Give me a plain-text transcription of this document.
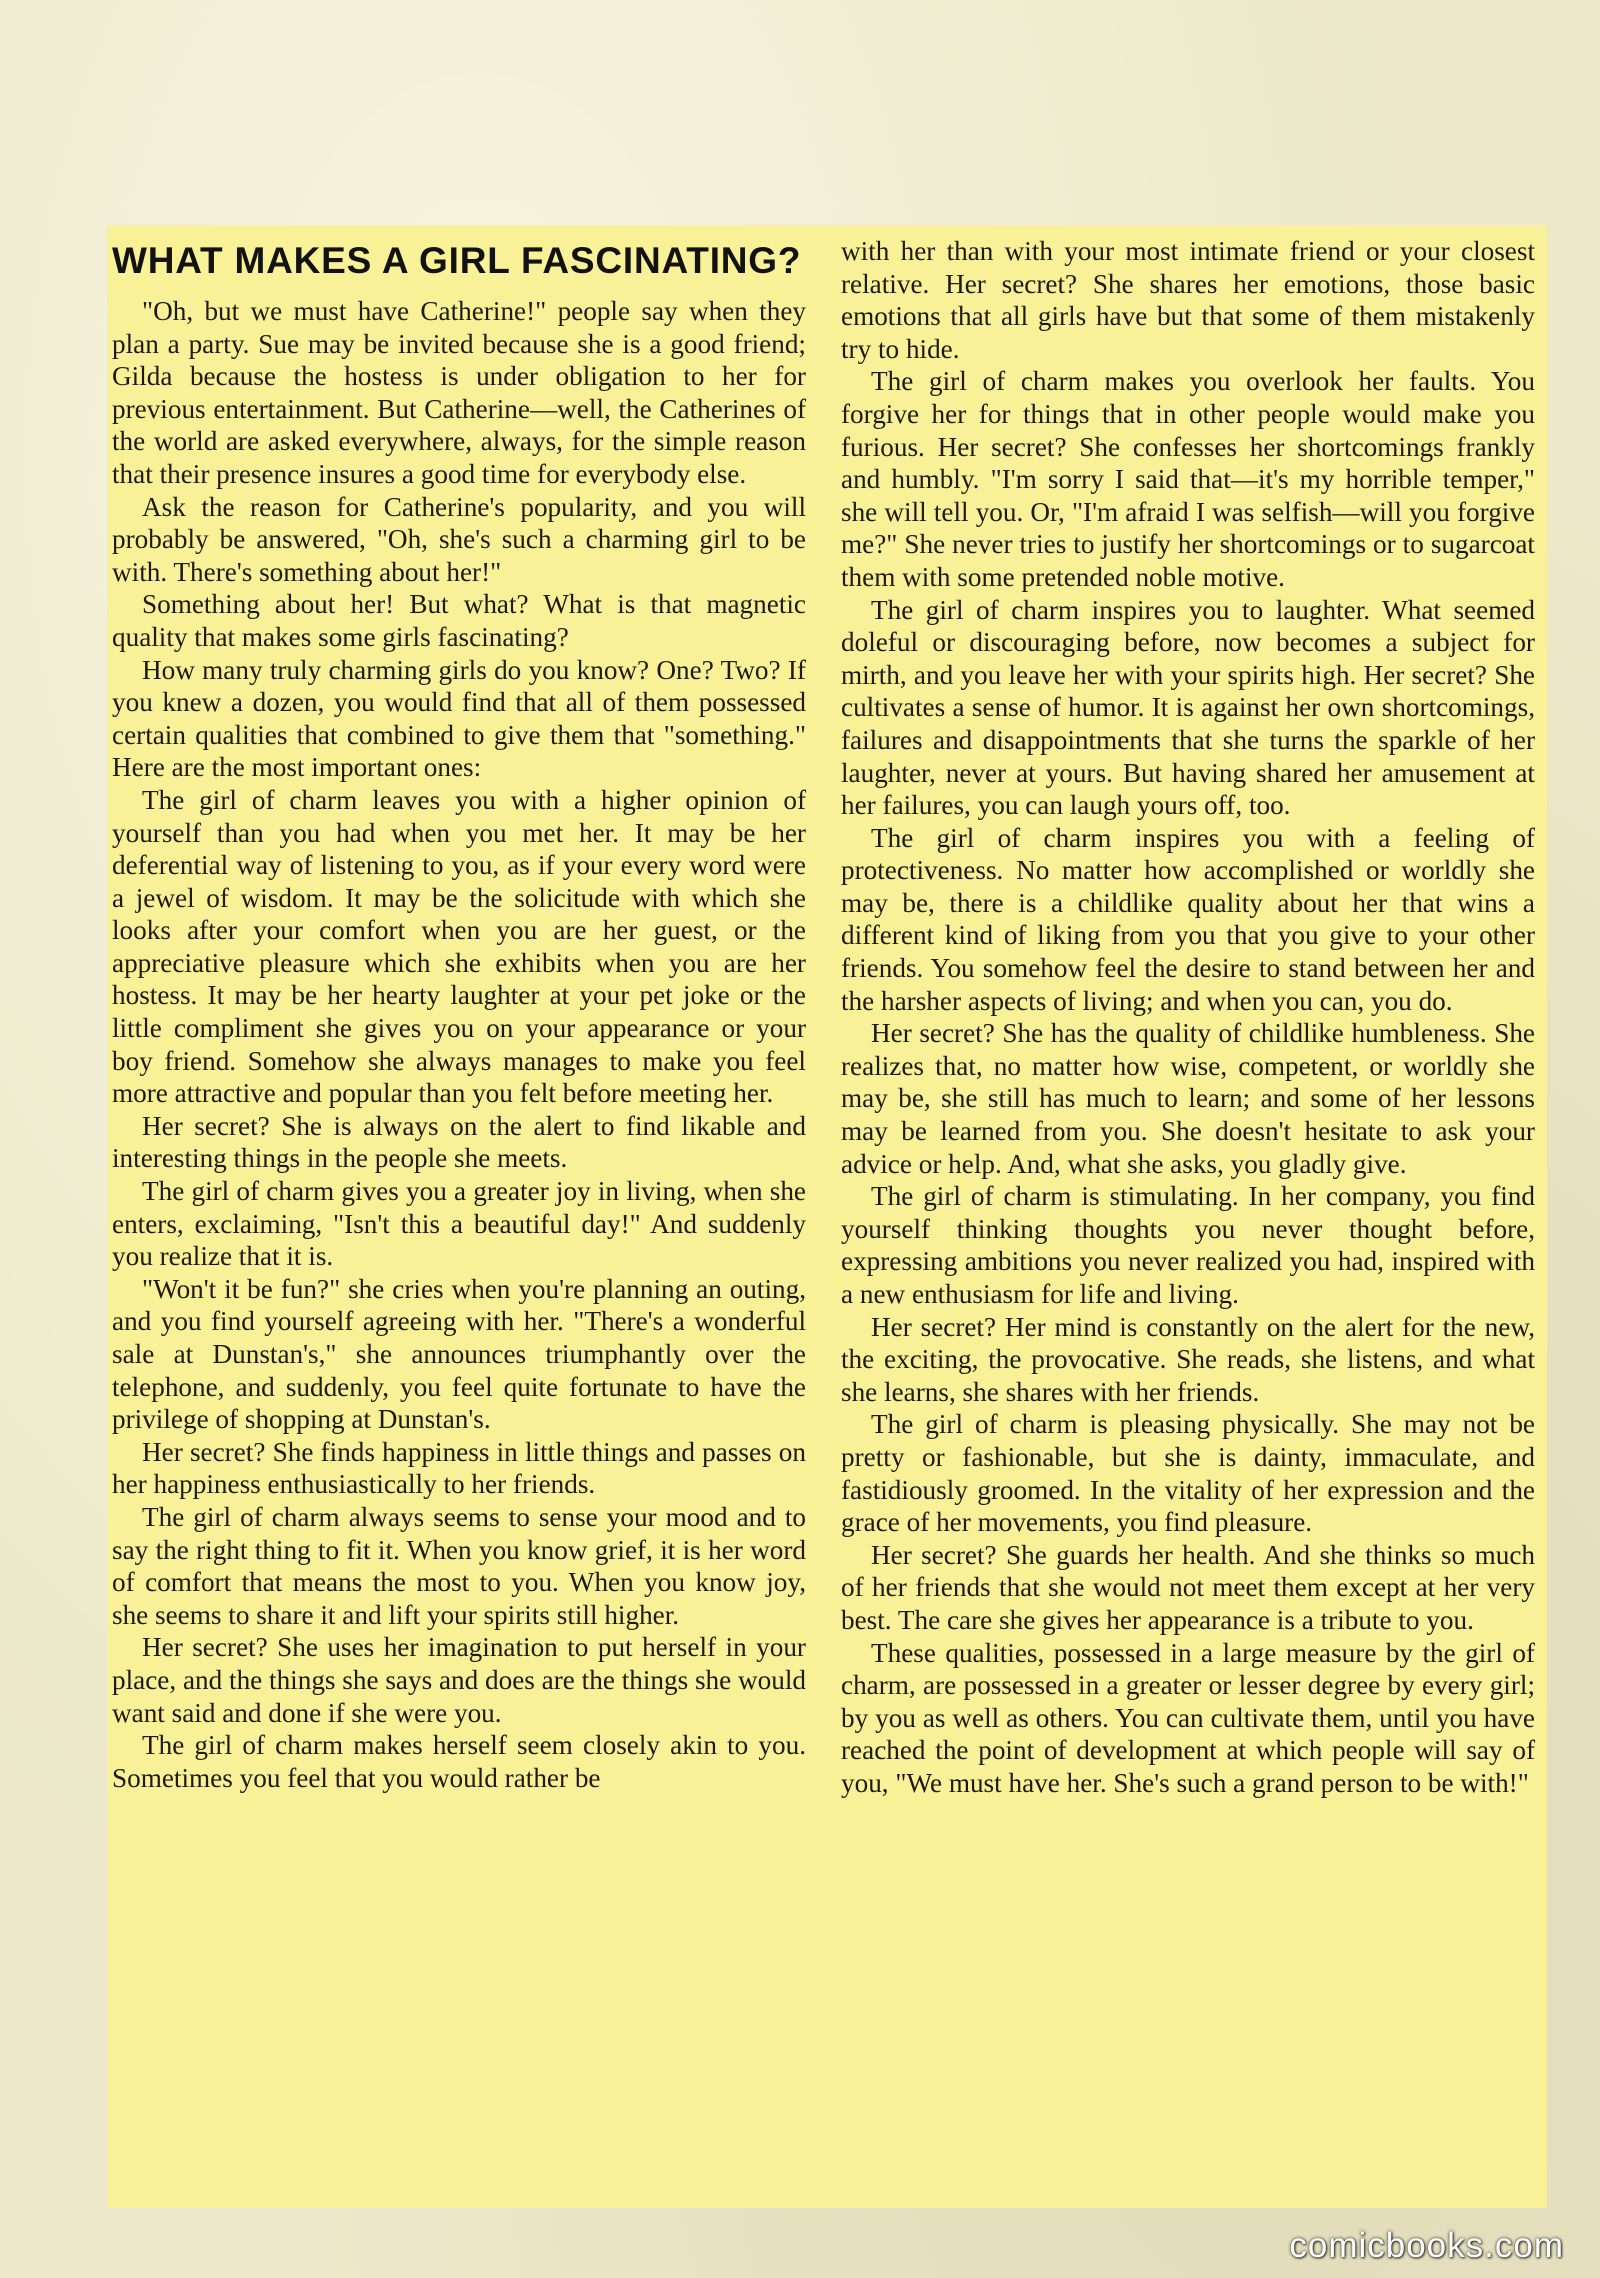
WHAT MAKES A GIRL FASCINATING?

"Oh, but we must have Catherine!" people say when they plan a party. Sue may be invited because she is a good friend; Gilda because the hostess is under obligation to her for previous entertainment. But Catherine—well, the Catherines of the world are asked everywhere, always, for the simple reason that their presence insures a good time for everybody else.

Ask the reason for Catherine's popularity, and you will probably be answered, "Oh, she's such a charming girl to be with. There's something about her!"

Something about her! But what? What is that magnetic quality that makes some girls fascinating?

How many truly charming girls do you know? One? Two? If you knew a dozen, you would find that all of them possessed certain qualities that combined to give them that "something." Here are the most important ones:

The girl of charm leaves you with a higher opinion of yourself than you had when you met her. It may be her deferential way of listening to you, as if your every word were a jewel of wisdom. It may be the solicitude with which she looks after your comfort when you are her guest, or the appreciative pleasure which she exhibits when you are her hostess. It may be her hearty laughter at your pet joke or the little compliment she gives you on your appearance or your boy friend. Somehow she always manages to make you feel more attractive and popular than you felt before meeting her.

Her secret? She is always on the alert to find likable and interesting things in the people she meets.

The girl of charm gives you a greater joy in living, when she enters, exclaiming, "Isn't this a beautiful day!" And suddenly you realize that it is.

"Won't it be fun?" she cries when you're planning an outing, and you find yourself agreeing with her. "There's a wonderful sale at Dunstan's," she announces triumphantly over the telephone, and suddenly, you feel quite fortunate to have the privilege of shopping at Dunstan's.

Her secret? She finds happiness in little things and passes on her happiness enthusiastically to her friends.

The girl of charm always seems to sense your mood and to say the right thing to fit it. When you know grief, it is her word of comfort that means the most to you. When you know joy, she seems to share it and lift your spirits still higher.

Her secret? She uses her imagination to put herself in your place, and the things she says and does are the things she would want said and done if she were you.

The girl of charm makes herself seem closely akin to you. Sometimes you feel that you would rather be

with her than with your most intimate friend or your closest relative. Her secret? She shares her emotions, those basic emotions that all girls have but that some of them mistakenly try to hide.

The girl of charm makes you overlook her faults. You forgive her for things that in other people would make you furious. Her secret? She confesses her shortcomings frankly and humbly. "I'm sorry I said that—it's my horrible temper," she will tell you. Or, "I'm afraid I was selfish—will you forgive me?" She never tries to justify her shortcomings or to sugarcoat them with some pretended noble motive.

The girl of charm inspires you to laughter. What seemed doleful or discouraging before, now becomes a subject for mirth, and you leave her with your spirits high. Her secret? She cultivates a sense of humor. It is against her own shortcomings, failures and disappointments that she turns the sparkle of her laughter, never at yours. But having shared her amusement at her failures, you can laugh yours off, too.

The girl of charm inspires you with a feeling of protectiveness. No matter how accomplished or worldly she may be, there is a childlike quality about her that wins a different kind of liking from you that you give to your other friends. You somehow feel the desire to stand between her and the harsher aspects of living; and when you can, you do.

Her secret? She has the quality of childlike humbleness. She realizes that, no matter how wise, competent, or worldly she may be, she still has much to learn; and some of her lessons may be learned from you. She doesn't hesitate to ask your advice or help. And, what she asks, you gladly give.

The girl of charm is stimulating. In her company, you find yourself thinking thoughts you never thought before, expressing ambitions you never realized you had, inspired with a new enthusiasm for life and living.

Her secret? Her mind is constantly on the alert for the new, the exciting, the provocative. She reads, she listens, and what she learns, she shares with her friends.

The girl of charm is pleasing physically. She may not be pretty or fashionable, but she is dainty, immaculate, and fastidiously groomed. In the vitality of her expression and the grace of her movements, you find pleasure.

Her secret? She guards her health. And she thinks so much of her friends that she would not meet them except at her very best. The care she gives her appearance is a tribute to you.

These qualities, possessed in a large measure by the girl of charm, are possessed in a greater or lesser degree by every girl; by you as well as others. You can cultivate them, until you have reached the point of development at which people will say of you, "We must have her. She's such a grand person to be with!"

comicbooks.com
